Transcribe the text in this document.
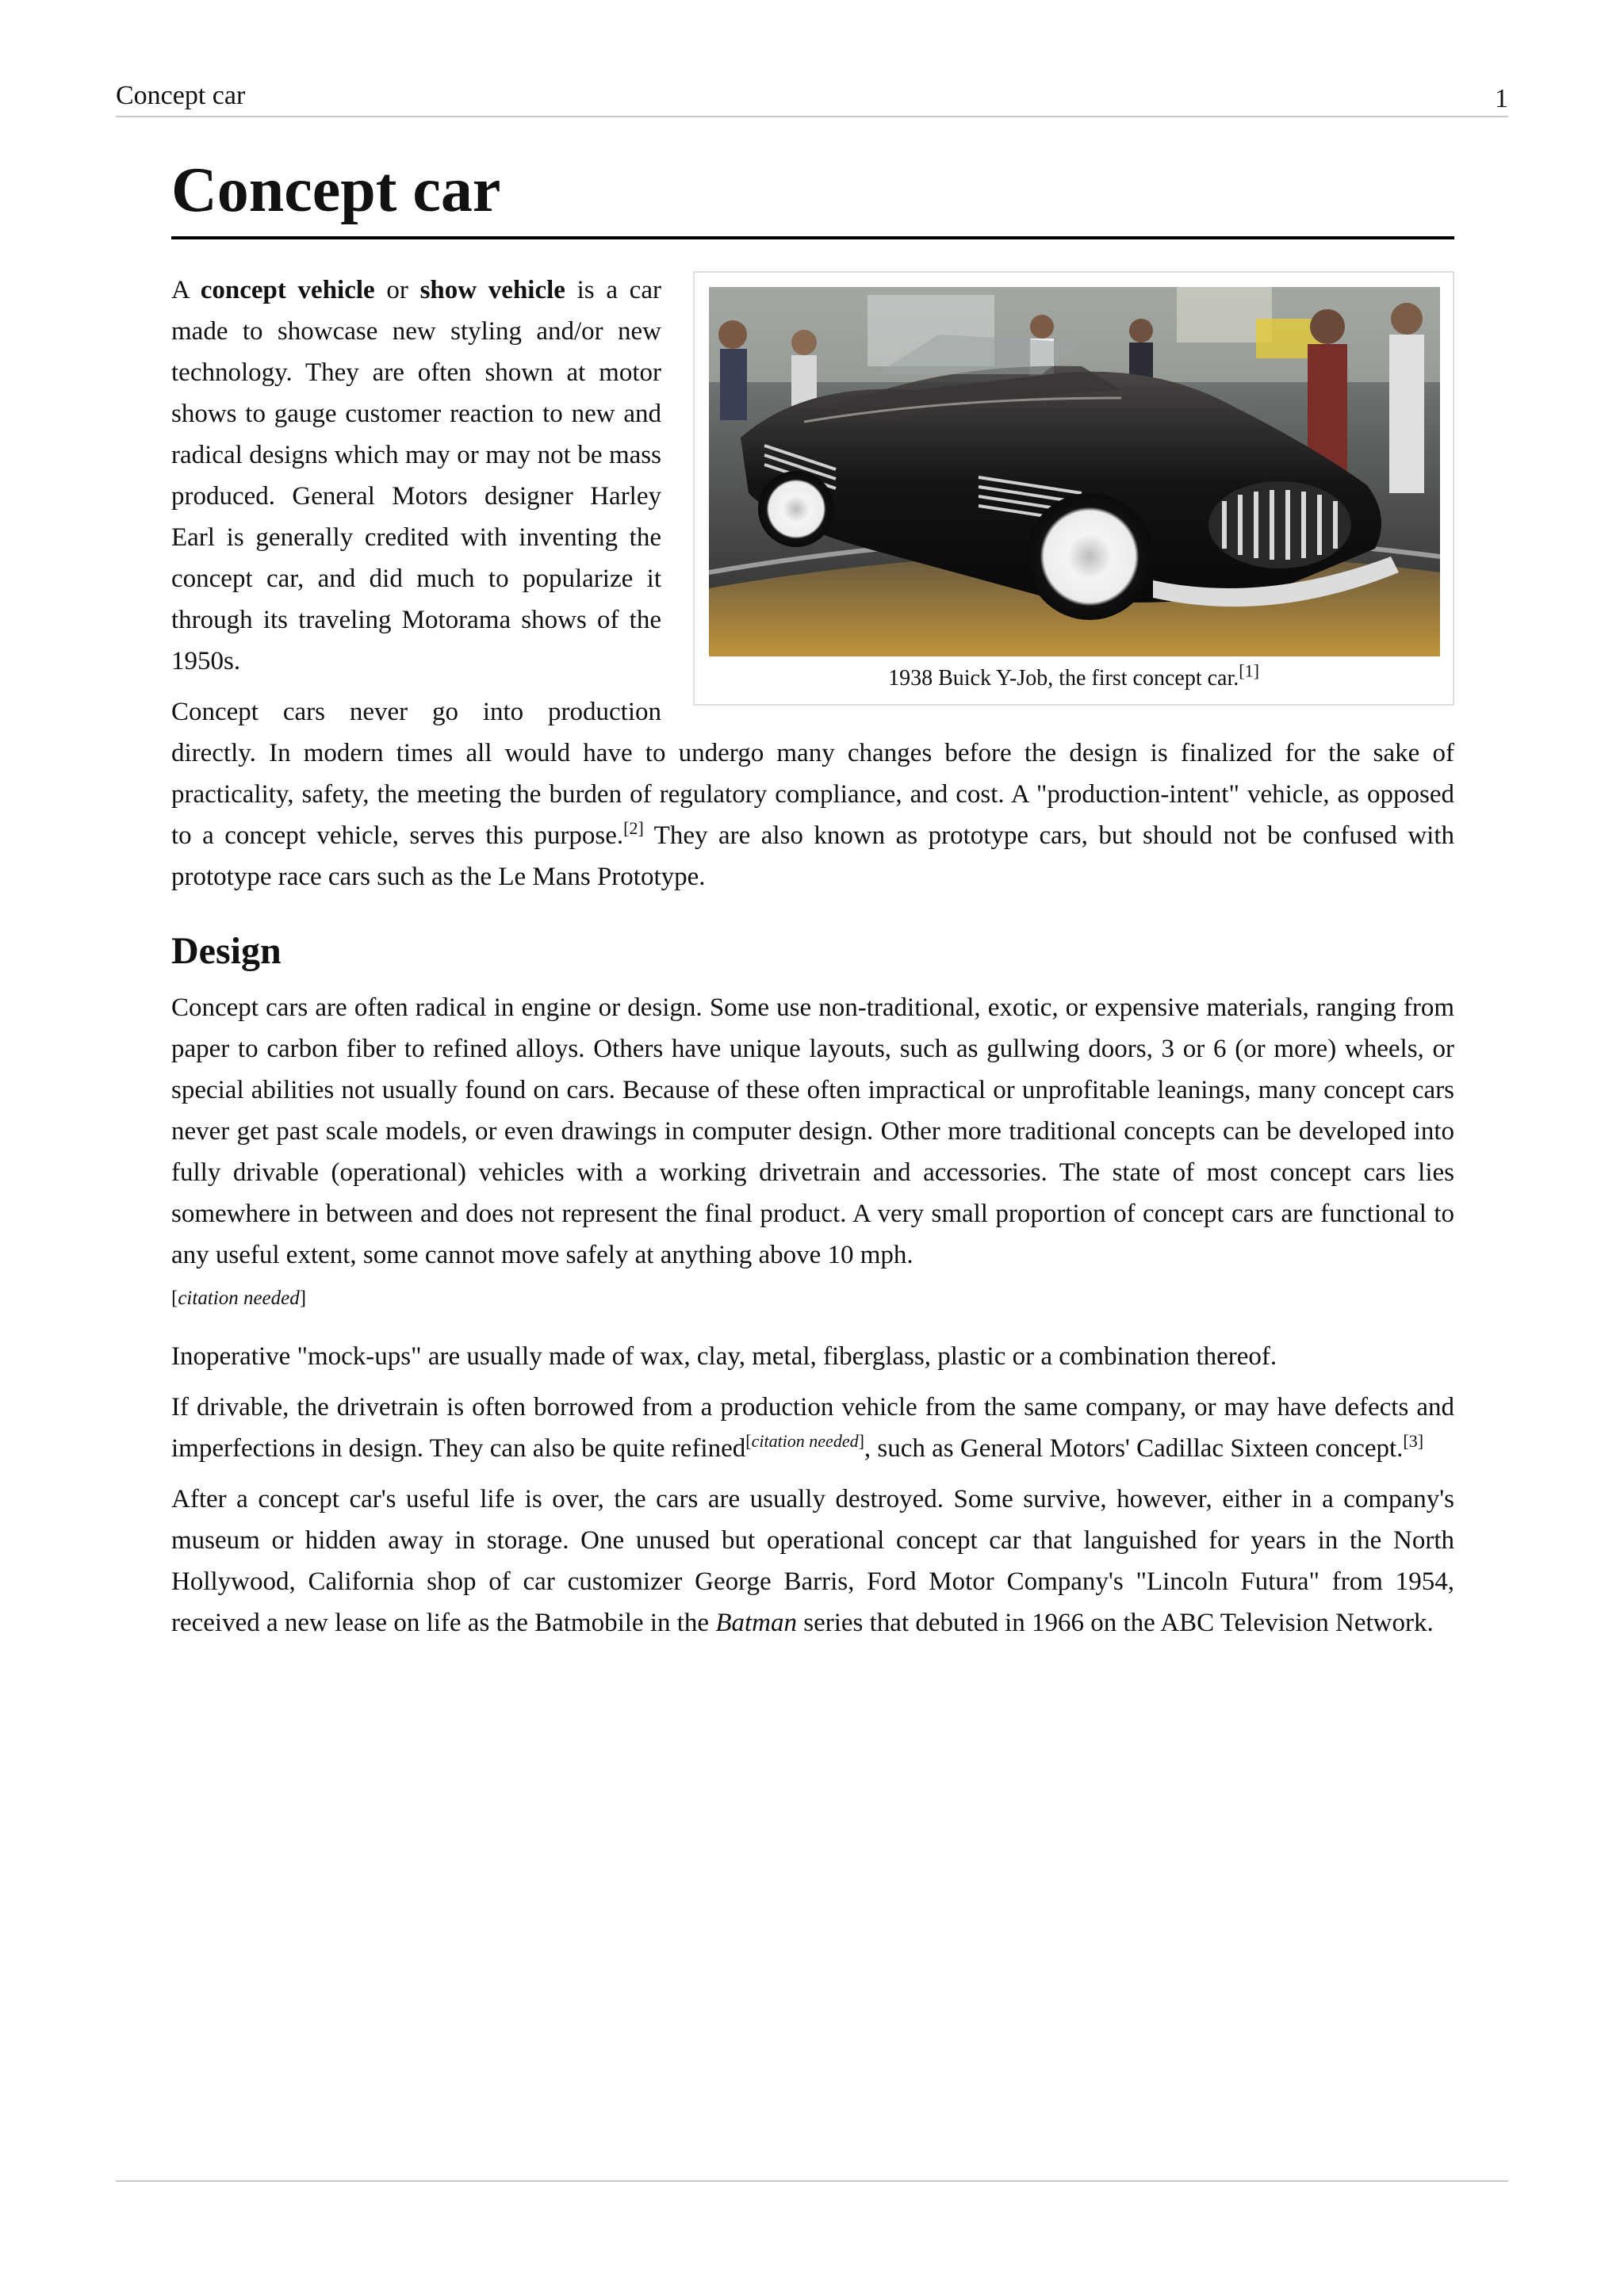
Concept car	1
Concept car
1938 Buick Y-Job, the first concept car.[1]

A concept vehicle or show vehicle is a car made to showcase new styling and/or new technology. They are often shown at motor shows to gauge customer reaction to new and radical designs which may or may not be mass produced. General Motors designer Harley Earl is generally credited with inventing the concept car, and did much to popularize it through its traveling Motorama shows of the 1950s.

Concept cars never go into production directly. In modern times all would have to undergo many changes before the design is finalized for the sake of practicality, safety, the meeting the burden of regulatory compliance, and cost. A "production-intent" vehicle, as opposed to a concept vehicle, serves this purpose.[2] They are also known as prototype cars, but should not be confused with prototype race cars such as the Le Mans Prototype.

Design

Concept cars are often radical in engine or design. Some use non-traditional, exotic, or expensive materials, ranging from paper to carbon fiber to refined alloys. Others have unique layouts, such as gullwing doors, 3 or 6 (or more) wheels, or special abilities not usually found on cars. Because of these often impractical or unprofitable leanings, many concept cars never get past scale models, or even drawings in computer design. Other more traditional concepts can be developed into fully drivable (operational) vehicles with a working drivetrain and accessories. The state of most concept cars lies somewhere in between and does not represent the final product. A very small proportion of concept cars are functional to any useful extent, some cannot move safely at anything above 10 mph.
[citation needed]

Inoperative "mock-ups" are usually made of wax, clay, metal, fiberglass, plastic or a combination thereof.

If drivable, the drivetrain is often borrowed from a production vehicle from the same company, or may have defects and imperfections in design. They can also be quite refined[citation needed], such as General Motors' Cadillac Sixteen concept.[3]

After a concept car's useful life is over, the cars are usually destroyed. Some survive, however, either in a company's museum or hidden away in storage. One unused but operational concept car that languished for years in the North Hollywood, California shop of car customizer George Barris, Ford Motor Company's "Lincoln Futura" from 1954, received a new lease on life as the Batmobile in the Batman series that debuted in 1966 on the ABC Television Network.
